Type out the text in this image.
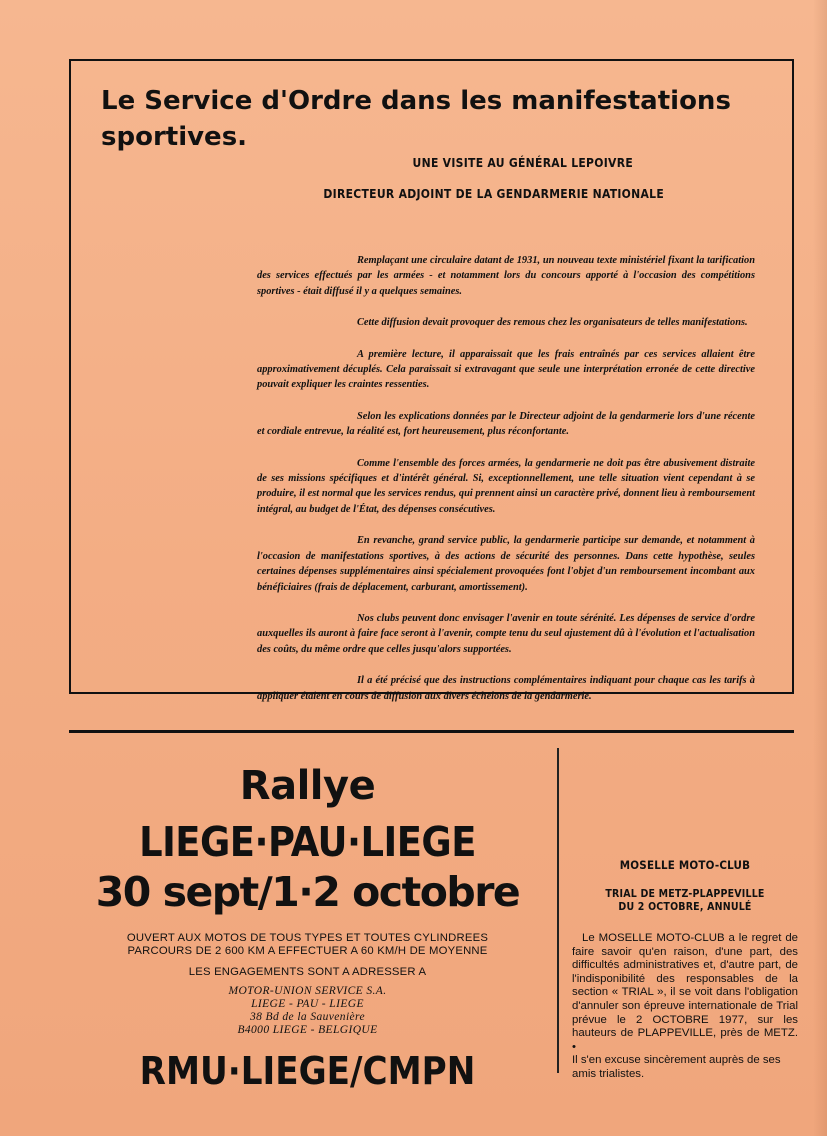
Le Service d'Ordre dans les manifestations sportives.

UNE VISITE AU GÉNÉRAL LEPOIVRE

DIRECTEUR ADJOINT DE LA GENDARMERIE NATIONALE

Remplaçant une circulaire datant de 1931, un nouveau texte ministériel fixant la tarification des services effectués par les armées - et notamment lors du concours apporté à l'occasion des compétitions sportives - était diffusé il y a quelques semaines.

Cette diffusion devait provoquer des remous chez les organisateurs de telles manifestations.

A première lecture, il apparaissait que les frais entraînés par ces services allaient être approximativement décuplés. Cela paraissait si extravagant que seule une interprétation erronée de cette directive pouvait expliquer les craintes ressenties.

Selon les explications données par le Directeur adjoint de la gendarmerie lors d'une récente et cordiale entrevue, la réalité est, fort heureusement, plus réconfortante.

Comme l'ensemble des forces armées, la gendarmerie ne doit pas être abusivement distraite de ses missions spécifiques et d'intérêt général. Si, exceptionnellement, une telle situation vient cependant à se produire, il est normal que les services rendus, qui prennent ainsi un caractère privé, donnent lieu à remboursement intégral, au budget de l'État, des dépenses consécutives.

En revanche, grand service public, la gendarmerie participe sur demande, et notamment à l'occasion de manifestations sportives, à des actions de sécurité des personnes. Dans cette hypothèse, seules certaines dépenses supplémentaires ainsi spécialement provoquées font l'objet d'un remboursement incombant aux bénéficiaires (frais de déplacement, carburant, amortissement).

Nos clubs peuvent donc envisager l'avenir en toute sérénité. Les dépenses de service d'ordre auxquelles ils auront à faire face seront à l'avenir, compte tenu du seul ajustement dû à l'évolution et l'actualisation des coûts, du même ordre que celles jusqu'alors supportées.

Il a été précisé que des instructions complémentaires indiquant pour chaque cas les tarifs à appliquer étaient en cours de diffusion aux divers échelons de la gendarmerie.

Rallye

LIEGE·PAU·LIEGE

30 sept/1·2 octobre

OUVERT AUX MOTOS DE TOUS TYPES ET TOUTES CYLINDREES
PARCOURS DE 2 600 KM A EFFECTUER A 60 KM/H DE MOYENNE

LES ENGAGEMENTS SONT A ADRESSER A

MOTOR-UNION SERVICE S.A.
LIEGE - PAU - LIEGE
38 Bd de la Sauvenière
B4000 LIEGE - BELGIQUE

RMU·LIEGE/CMPN

MOSELLE MOTO-CLUB

TRIAL DE METZ-PLAPPEVILLE
DU 2 OCTOBRE, ANNULÉ

Le MOSELLE MOTO-CLUB a le regret de faire savoir qu'en raison, d'une part, des difficultés administratives et, d'autre part, de l'indisponibilité des responsables de la section « TRIAL », il se voit dans l'obligation d'annuler son épreuve internationale de Trial prévue le 2 OCTOBRE 1977, sur les hauteurs de PLAPPEVILLE, près de METZ. •

Il s'en excuse sincèrement auprès de ses amis trialistes.
